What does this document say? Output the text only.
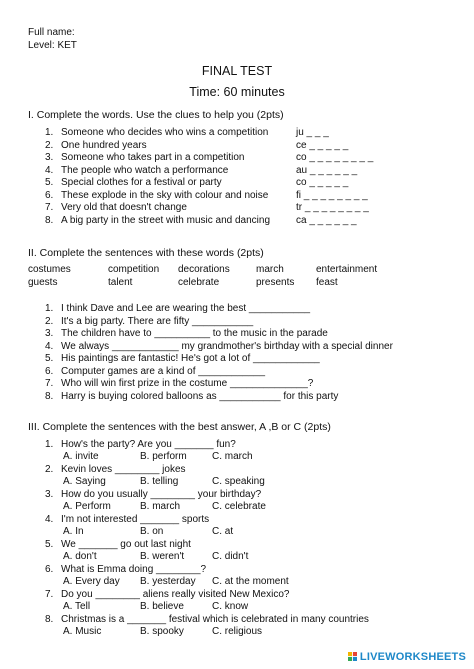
Full name:
Level: KET
FINAL TEST
Time: 60 minutes
I. Complete the words. Use the clues to help you (2pts)
1. Someone who decides who wins a competition	ju _ _ _
2. One hundred years	ce _ _ _ _ _
3. Someone who takes part in a competition	co _ _ _ _ _ _ _ _
4. The people who watch a performance	au _ _ _ _ _ _
5. Special clothes for a festival or party	co _ _ _ _ _
6. These explode in the sky with colour and noise	fi _ _ _ _ _ _ _ _
7. Very old that doesn't change	tr _ _ _ _ _ _ _ _
8. A big party in the street with music and dancing	ca _ _ _ _ _ _
II. Complete the sentences with these words (2pts)
costumes	competition decorations	march	entertainment
guests	talent	celebrate	presents feast
1. I think Dave and Lee are wearing the best ___________
2. It's a big party. There are fifty ___________
3. The children have to __________ to the music in the parade
4. We always ____________ my grandmother's birthday with a special dinner
5. His paintings are fantastic! He's got a lot of ____________
6. Computer games are a kind of ____________
7. Who will win first prize in the costume ______________?
8. Harry is buying colored balloons as ___________ for this party
III. Complete the sentences with the best answer, A ,B or C (2pts)
1. How's the party? Are you _______ fun?
A. invite	B. perform	C. march
2. Kevin loves ________ jokes
A. Saying	B. telling	C. speaking
3. How do you usually ________ your birthday?
A. Perform	B. march	C. celebrate
4. I'm not interested _______ sports
A. In	B. on	C. at
5. We _______ go out last night
A. don't	B. weren't	C. didn't
6. What is Emma doing ________?
A. Every day B. yesterday C. at the moment
7. Do you ________ aliens really visited New Mexico?
A. Tell	B. believe	C. know
8. Christmas is a _______ festival which is celebrated in many countries
A. Music	B. spooky	C. religious
LIVEWORKSHEETS
